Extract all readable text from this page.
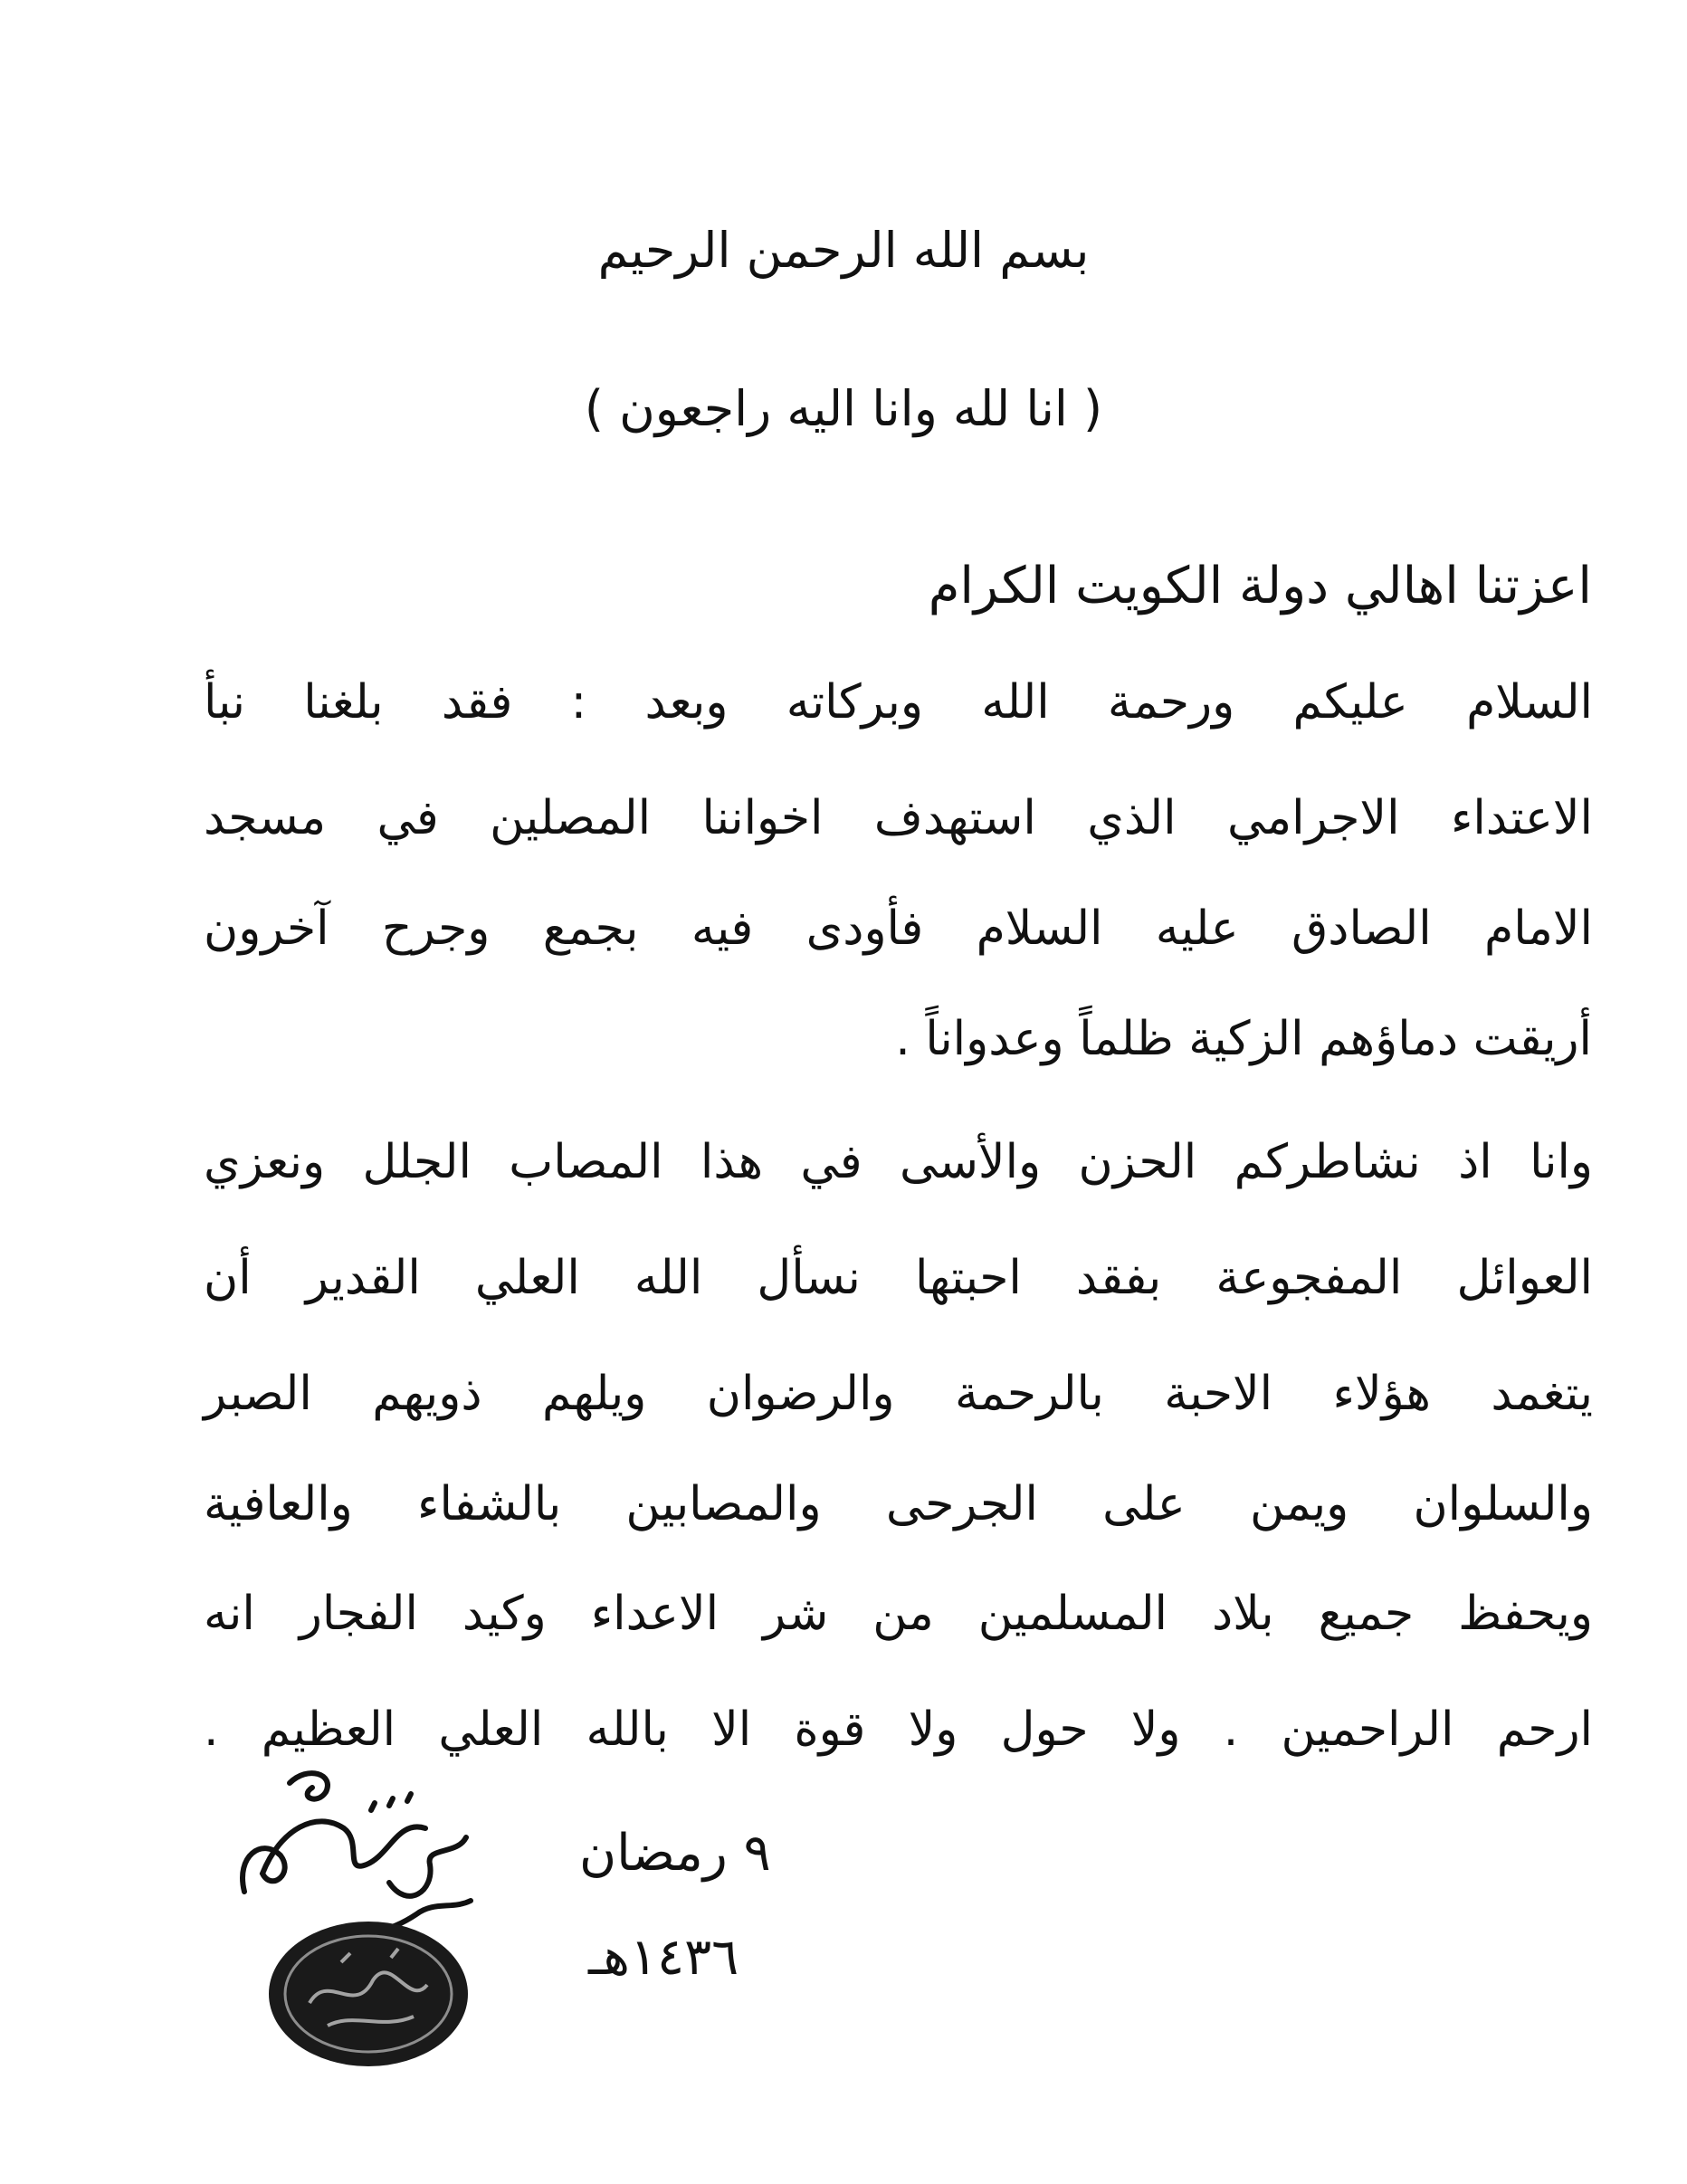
بسم الله الرحمن الرحيم
( انا لله وانا اليه راجعون )
اعزتنا اهالي دولة الكويت الكرام
السلام عليكم ورحمة الله وبركاته وبعد : فقد بلغنا نبأ
الاعتداء الاجرامي الذي استهدف اخواننا المصلين في مسجد
الامام الصادق عليه السلام فأودى فيه بجمع وجرح آخرون
أريقت دماؤهم الزكية ظلماً وعدواناً .
وانا اذ نشاطركم الحزن والأسى في هذا المصاب الجلل ونعزي
العوائل المفجوعة بفقد احبتها نسأل الله العلي القدير أن
يتغمد هؤلاء الاحبة بالرحمة والرضوان ويلهم ذويهم الصبر
والسلوان ويمن على الجرحى والمصابين بالشفاء والعافية
ويحفظ جميع بلاد المسلمين من شر الاعداء وكيد الفجار انه
ارحم الراحمين . ولا حول ولا قوة الا بالله العلي العظيم .
٩ رمضان
١٤٣٦هـ
